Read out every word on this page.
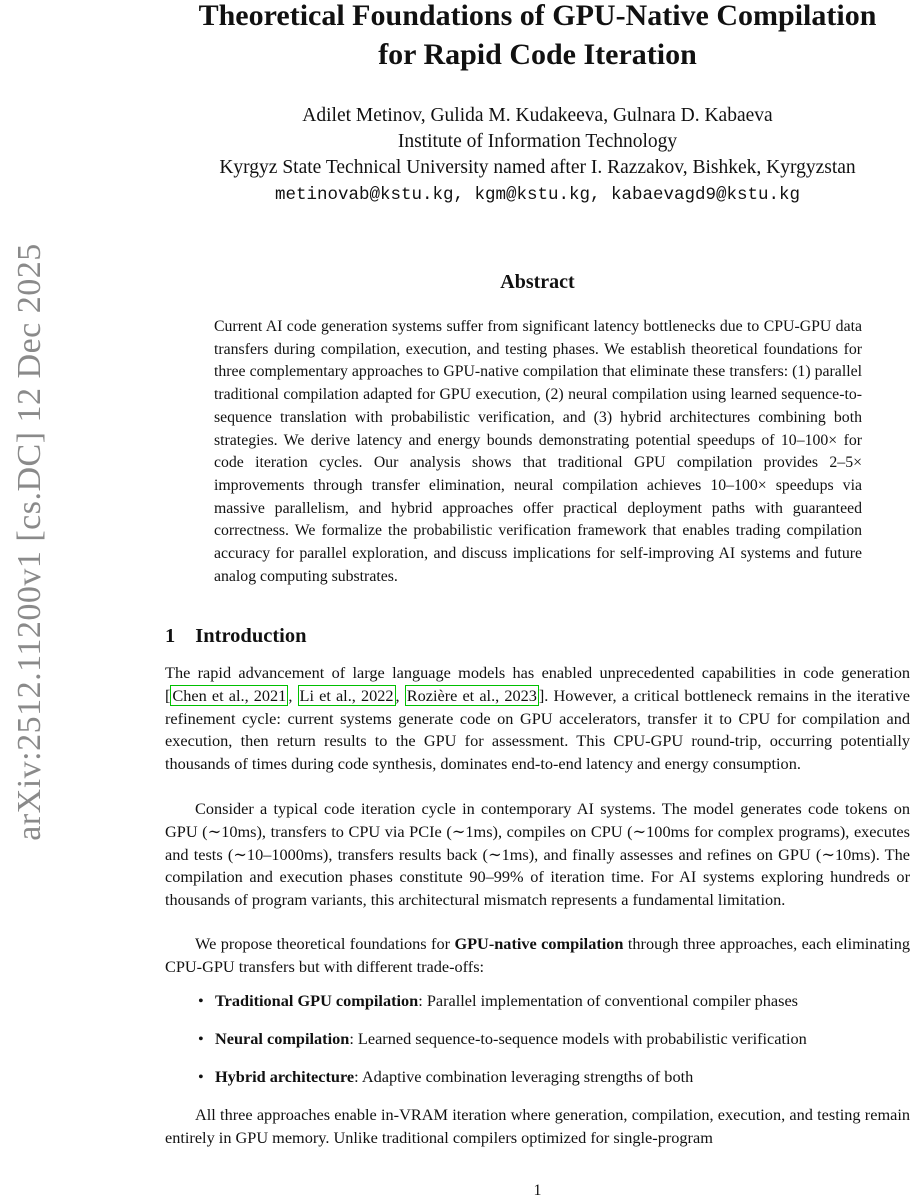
arXiv:2512.11200v1 [cs.DC] 12 Dec 2025
Theoretical Foundations of GPU-Native Compilation
for Rapid Code Iteration
Adilet Metinov, Gulida M. Kudakeeva, Gulnara D. Kabaeva
Institute of Information Technology
Kyrgyz State Technical University named after I. Razzakov, Bishkek, Kyrgyzstan
metinovab@kstu.kg, kgm@kstu.kg, kabaevagd9@kstu.kg
Abstract

Current AI code generation systems suffer from significant latency bottlenecks due to CPU-GPU data transfers during compilation, execution, and testing phases. We establish theoretical foundations for three complementary approaches to GPU-native compilation that eliminate these transfers: (1) parallel traditional compilation adapted for GPU execution, (2) neural compilation using learned sequence-to-sequence translation with probabilistic verification, and (3) hybrid architectures combining both strategies. We derive latency and energy bounds demonstrating potential speedups of 10–100× for code iteration cycles. Our analysis shows that traditional GPU compilation provides 2–5× improvements through transfer elimination, neural compilation achieves 10–100× speedups via massive parallelism, and hybrid approaches offer practical deployment paths with guaranteed correctness. We formalize the probabilistic verification framework that enables trading compilation accuracy for parallel exploration, and discuss implications for self-improving AI systems and future analog computing substrates.

1 Introduction

The rapid advancement of large language models has enabled unprecedented capabilities in code generation [ Chen et al., 2021 , Li et al., 2022 , Rozière et al., 2023 ]. However, a critical bottleneck remains in the iterative refinement cycle: current systems generate code on GPU accelerators, transfer it to CPU for compilation and execution, then return results to the GPU for assessment. This CPU-GPU round-trip, occurring potentially thousands of times during code synthesis, dominates end-to-end latency and energy consumption.

Consider a typical code iteration cycle in contemporary AI systems. The model generates code tokens on GPU (∼10ms), transfers to CPU via PCIe (∼1ms), compiles on CPU (∼100ms for complex programs), executes and tests (∼10–1000ms), transfers results back (∼1ms), and finally assesses and refines on GPU (∼10ms). The compilation and execution phases constitute 90–99% of iteration time. For AI systems exploring hundreds or thousands of program variants, this architectural mismatch represents a fundamental limitation.

We propose theoretical foundations for GPU-native compilation through three approaches, each eliminating CPU-GPU transfers but with different trade-offs:

• Traditional GPU compilation: Parallel implementation of conventional compiler phases
• Neural compilation: Learned sequence-to-sequence models with probabilistic verification
• Hybrid architecture: Adaptive combination leveraging strengths of both

All three approaches enable in-VRAM iteration where generation, compilation, execution, and testing remain entirely in GPU memory. Unlike traditional compilers optimized for single-program

1
